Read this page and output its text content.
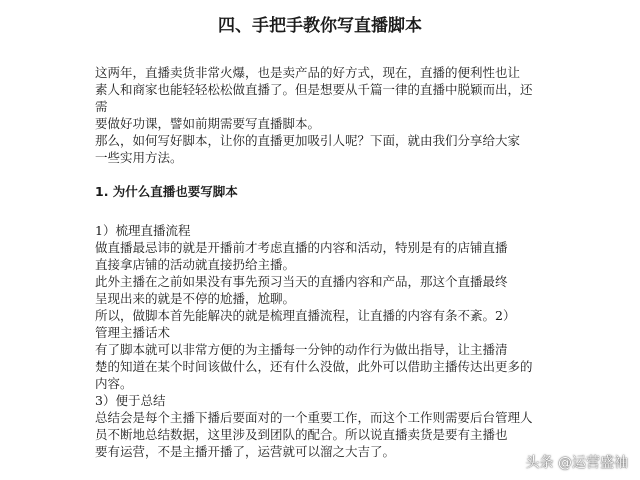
四、手把手教你写直播脚本
这两年，直播卖货非常火爆，也是卖产品的好方式，现在，直播的便利性也让
素人和商家也能轻轻松松做直播了。但是想要从千篇一律的直播中脱颖而出，还
需
要做好功课，譬如前期需要写直播脚本。
那么，如何写好脚本，让你的直播更加吸引人呢？下面，就由我们分享给大家
一些实用方法。
1. 为什么直播也要写脚本
1）梳理直播流程
做直播最忌讳的就是开播前才考虑直播的内容和活动，特别是有的店铺直播
直接拿店铺的活动就直接扔给主播。
此外主播在之前如果没有事先预习当天的直播内容和产品，那这个直播最终
呈现出来的就是不停的尬播，尬聊。
所以，做脚本首先能解决的就是梳理直播流程，让直播的内容有条不紊。2）
管理主播话术
有了脚本就可以非常方便的为主播每一分钟的动作行为做出指导，让主播清
楚的知道在某个时间该做什么，还有什么没做，此外可以借助主播传达出更多的
内容。
3）便于总结
总结会是每个主播下播后要面对的一个重要工作，而这个工作则需要后台管理人
员不断地总结数据，这里涉及到团队的配合。所以说直播卖货是要有主播也
要有运营，不是主播开播了，运营就可以溜之大吉了。
头条 @运营盛袖
